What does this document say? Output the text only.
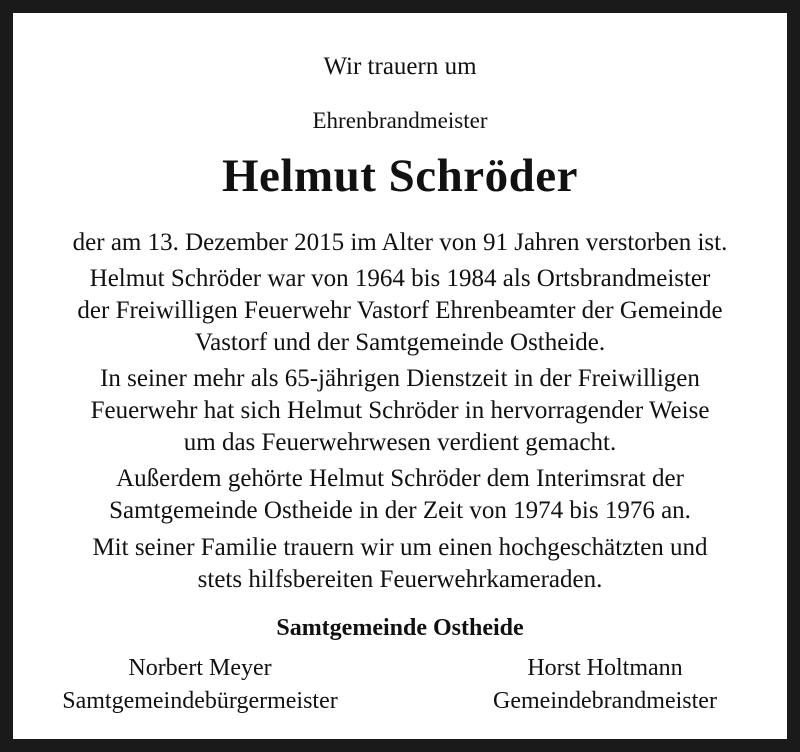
Wir trauern um
Ehrenbrandmeister
Helmut Schröder
der am 13. Dezember 2015 im Alter von 91 Jahren verstorben ist.
Helmut Schröder war von 1964 bis 1984 als Ortsbrandmeister
der Freiwilligen Feuerwehr Vastorf Ehrenbeamter der Gemeinde
Vastorf und der Samtgemeinde Ostheide.
In seiner mehr als 65-jährigen Dienstzeit in der Freiwilligen
Feuerwehr hat sich Helmut Schröder in hervorragender Weise
um das Feuerwehrwesen verdient gemacht.
Außerdem gehörte Helmut Schröder dem Interimsrat der
Samtgemeinde Ostheide in der Zeit von 1974 bis 1976 an.
Mit seiner Familie trauern wir um einen hochgeschätzten und
stets hilfsbereiten Feuerwehrkameraden.
Samtgemeinde Ostheide
Norbert Meyer
Samtgemeindebürgermeister
Horst Holtmann
Gemeindebrandmeister
